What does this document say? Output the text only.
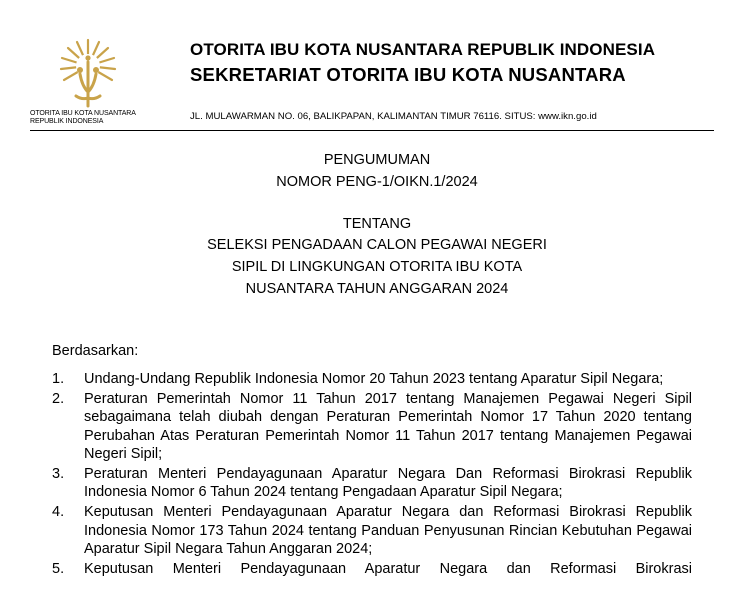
OTORITA IBU KOTA NUSANTARA REPUBLIK INDONESIA
OTORITA IBU KOTA NUSANTARA REPUBLIK INDONESIA
SEKRETARIAT OTORITA IBU KOTA NUSANTARA
JL. MULAWARMAN NO. 06, BALIKPAPAN, KALIMANTAN TIMUR 76116. SITUS: www.ikn.go.id
PENGUMUMAN
NOMOR PENG-1/OIKN.1/2024
TENTANG
SELEKSI PENGADAAN CALON PEGAWAI NEGERI
SIPIL DI LINGKUNGAN OTORITA IBU KOTA
NUSANTARA TAHUN ANGGARAN 2024
Berdasarkan:
1.	Undang-Undang Republik Indonesia Nomor 20 Tahun 2023 tentang Aparatur Sipil Negara;
2.	Peraturan Pemerintah Nomor 11 Tahun 2017 tentang Manajemen Pegawai Negeri Sipil sebagaimana telah diubah dengan Peraturan Pemerintah Nomor 17 Tahun 2020 tentang Perubahan Atas Peraturan Pemerintah Nomor 11 Tahun 2017 tentang Manajemen Pegawai Negeri Sipil;
3.	Peraturan Menteri Pendayagunaan Aparatur Negara Dan Reformasi Birokrasi Republik Indonesia Nomor 6 Tahun 2024 tentang Pengadaan Aparatur Sipil Negara;
4.	Keputusan Menteri Pendayagunaan Aparatur Negara dan Reformasi Birokrasi Republik Indonesia Nomor 173 Tahun 2024 tentang Panduan Penyusunan Rincian Kebutuhan Pegawai Aparatur Sipil Negara Tahun Anggaran 2024;
5.	Keputusan Menteri Pendayagunaan Aparatur Negara dan Reformasi Birokrasi
